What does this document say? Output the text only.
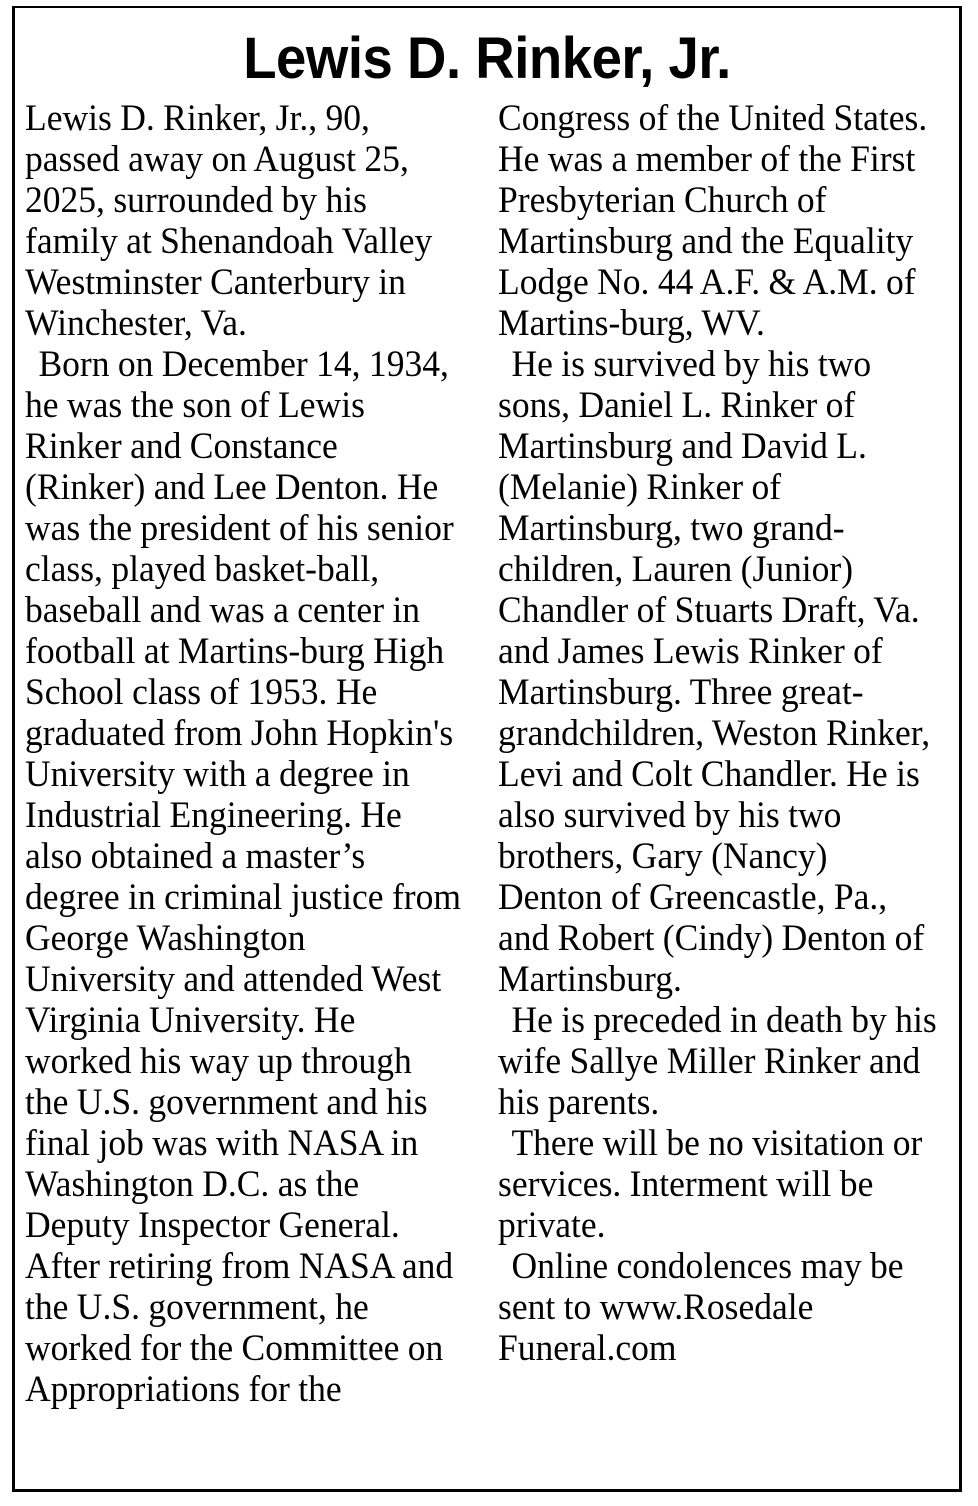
Lewis D. Rinker, Jr.

Lewis D. Rinker, Jr., 90, passed away on August 25, 2025, surrounded by his family at Shenandoah Valley Westminster Canterbury in Winchester, Va.

Born on December 14, 1934, he was the son of Lewis Rinker and Constance (Rinker) and Lee Denton. He was the president of his senior class, played basket‐ball, baseball and was a center in football at Martins‐burg High School class of 1953. He graduated from John Hopkin's University with a degree in Industrial Engineering. He also obtained a master’s degree in criminal justice from George Washington University and attended West Virginia University. He worked his way up through the U.S. government and his final job was with NASA in Washington D.C. as the Deputy Inspector General. After retiring from NASA and the U.S. government, he worked for the Committee on Appropriations for the

Congress of the United States. He was a member of the First Presbyterian Church of Martinsburg and the Equality Lodge No. 44 A.F. & A.M. of Martins‐burg, WV.

He is survived by his two sons, Daniel L. Rinker of Martinsburg and David L. (Melanie) Rinker of Martinsburg, two grand‐children, Lauren (Junior) Chandler of Stuarts Draft, Va. and James Lewis Rinker of Martinsburg. Three great‐grandchildren, Weston Rinker, Levi and Colt Chandler. He is also survived by his two brothers, Gary (Nancy) Denton of Greencastle, Pa., and Robert (Cindy) Denton of Martinsburg.

He is preceded in death by his wife Sallye Miller Rinker and his parents.

There will be no visitation or services. Interment will be private.

Online condolences may be sent to www.Rosedale Funeral.com
